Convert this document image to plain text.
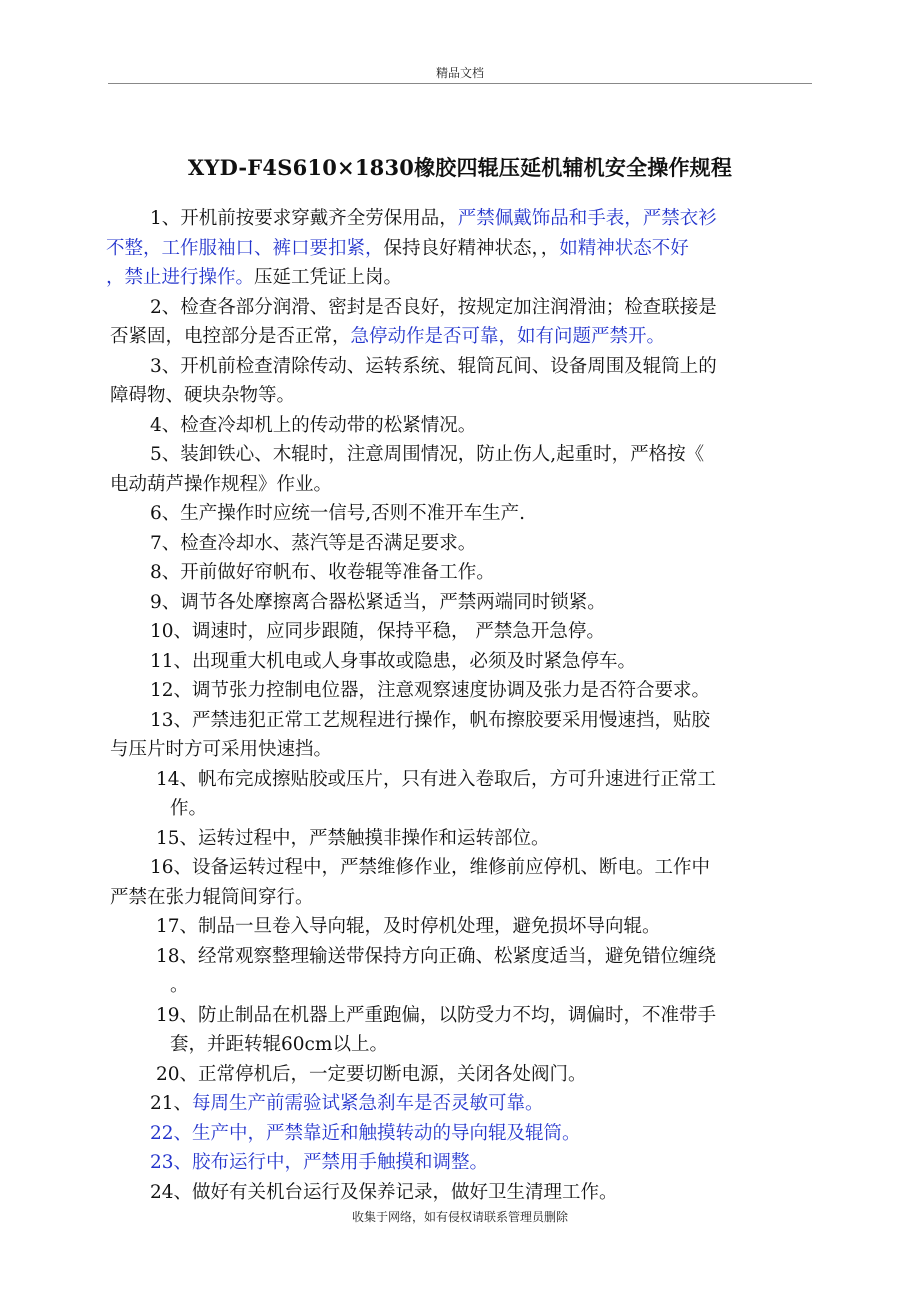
精品文档
XYD-F4S610×1830橡胶四辊压延机辅机安全操作规程
1、开机前按要求穿戴齐全劳保用品，严禁佩戴饰品和手表，严禁衣衫
不整，工作服袖口、裤口要扣紧，保持良好精神状态，，如精神状态不好
，禁止进行操作。压延工凭证上岗。
2、检查各部分润滑、密封是否良好，按规定加注润滑油；检查联接是
否紧固，电控部分是否正常，急停动作是否可靠，如有问题严禁开。
3、开机前检查清除传动、运转系统、辊筒瓦间、设备周围及辊筒上的
障碍物、硬块杂物等。
4、检查冷却机上的传动带的松紧情况。
5、装卸铁心、木辊时，注意周围情况，防止伤人,起重时，严格按《
电动葫芦操作规程》作业。
6、生产操作时应统一信号,否则不准开车生产.
7、检查冷却水、蒸汽等是否满足要求。
8、开前做好帘帆布、收卷辊等准备工作。
9、调节各处摩擦离合器松紧适当，严禁两端同时锁紧。
10、调速时，应同步跟随，保持平稳， 严禁急开急停。
11、出现重大机电或人身事故或隐患，必须及时紧急停车。
12、调节张力控制电位器，注意观察速度协调及张力是否符合要求。
13、严禁违犯正常工艺规程进行操作，帆布擦胶要采用慢速挡，贴胶
与压片时方可采用快速挡。
14、帆布完成擦贴胶或压片，只有进入卷取后，方可升速进行正常工
作。
15、运转过程中，严禁触摸非操作和运转部位。
16、设备运转过程中，严禁维修作业，维修前应停机、断电。工作中
严禁在张力辊筒间穿行。
17、制品一旦卷入导向辊，及时停机处理，避免损坏导向辊。
18、经常观察整理输送带保持方向正确、松紧度适当，避免错位缠绕
。
19、防止制品在机器上严重跑偏，以防受力不均，调偏时，不准带手
套，并距转辊60cm以上。
20、正常停机后，一定要切断电源，关闭各处阀门。
21、每周生产前需验试紧急刹车是否灵敏可靠。
22、生产中，严禁靠近和触摸转动的导向辊及辊筒。
23、胶布运行中，严禁用手触摸和调整。
24、做好有关机台运行及保养记录，做好卫生清理工作。
收集于网络，如有侵权请联系管理员删除
